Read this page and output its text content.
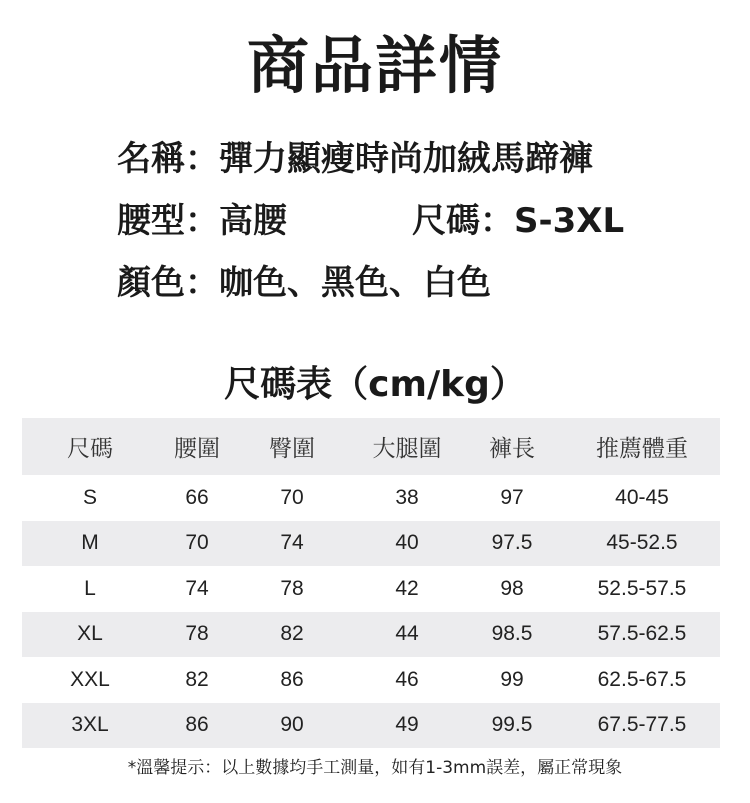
商品詳情
名稱：彈力顯瘦時尚加絨馬蹄褲
腰型：高腰	尺碼：S-3XL
顏色：咖色、黑色、白色
尺碼表（cm/kg）
尺碼	腰圍	臀圍	大腿圍	褲長	推薦體重
S	66	70	38	97	40-45
M	70	74	40	97.5	45-52.5
L	74	78	42	98	52.5-57.5
XL	78	82	44	98.5	57.5-62.5
XXL	82	86	46	99	62.5-67.5
3XL	86	90	49	99.5	67.5-77.5
*溫馨提示：以上數據均手工測量，如有1-3mm誤差，屬正常現象
